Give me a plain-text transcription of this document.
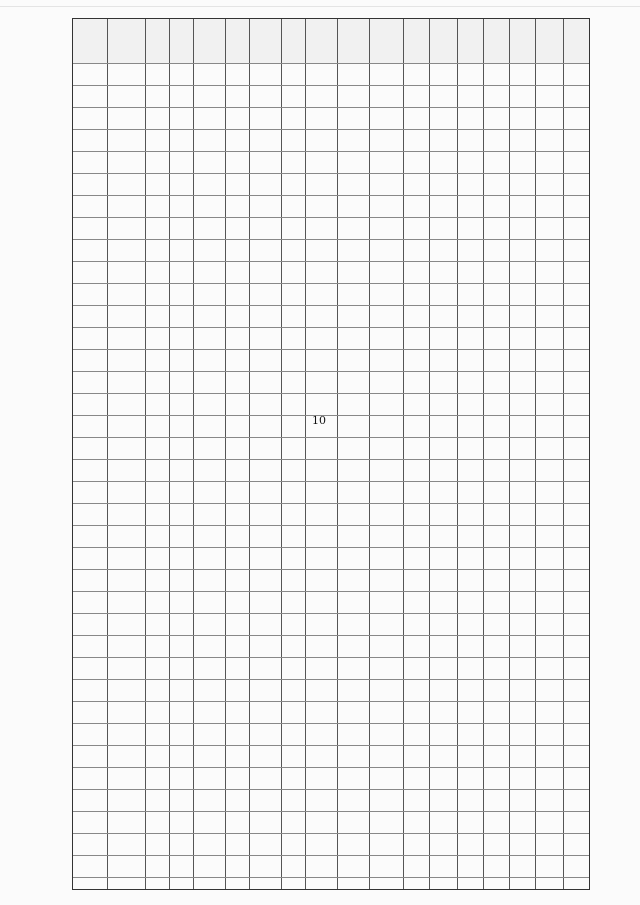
10
